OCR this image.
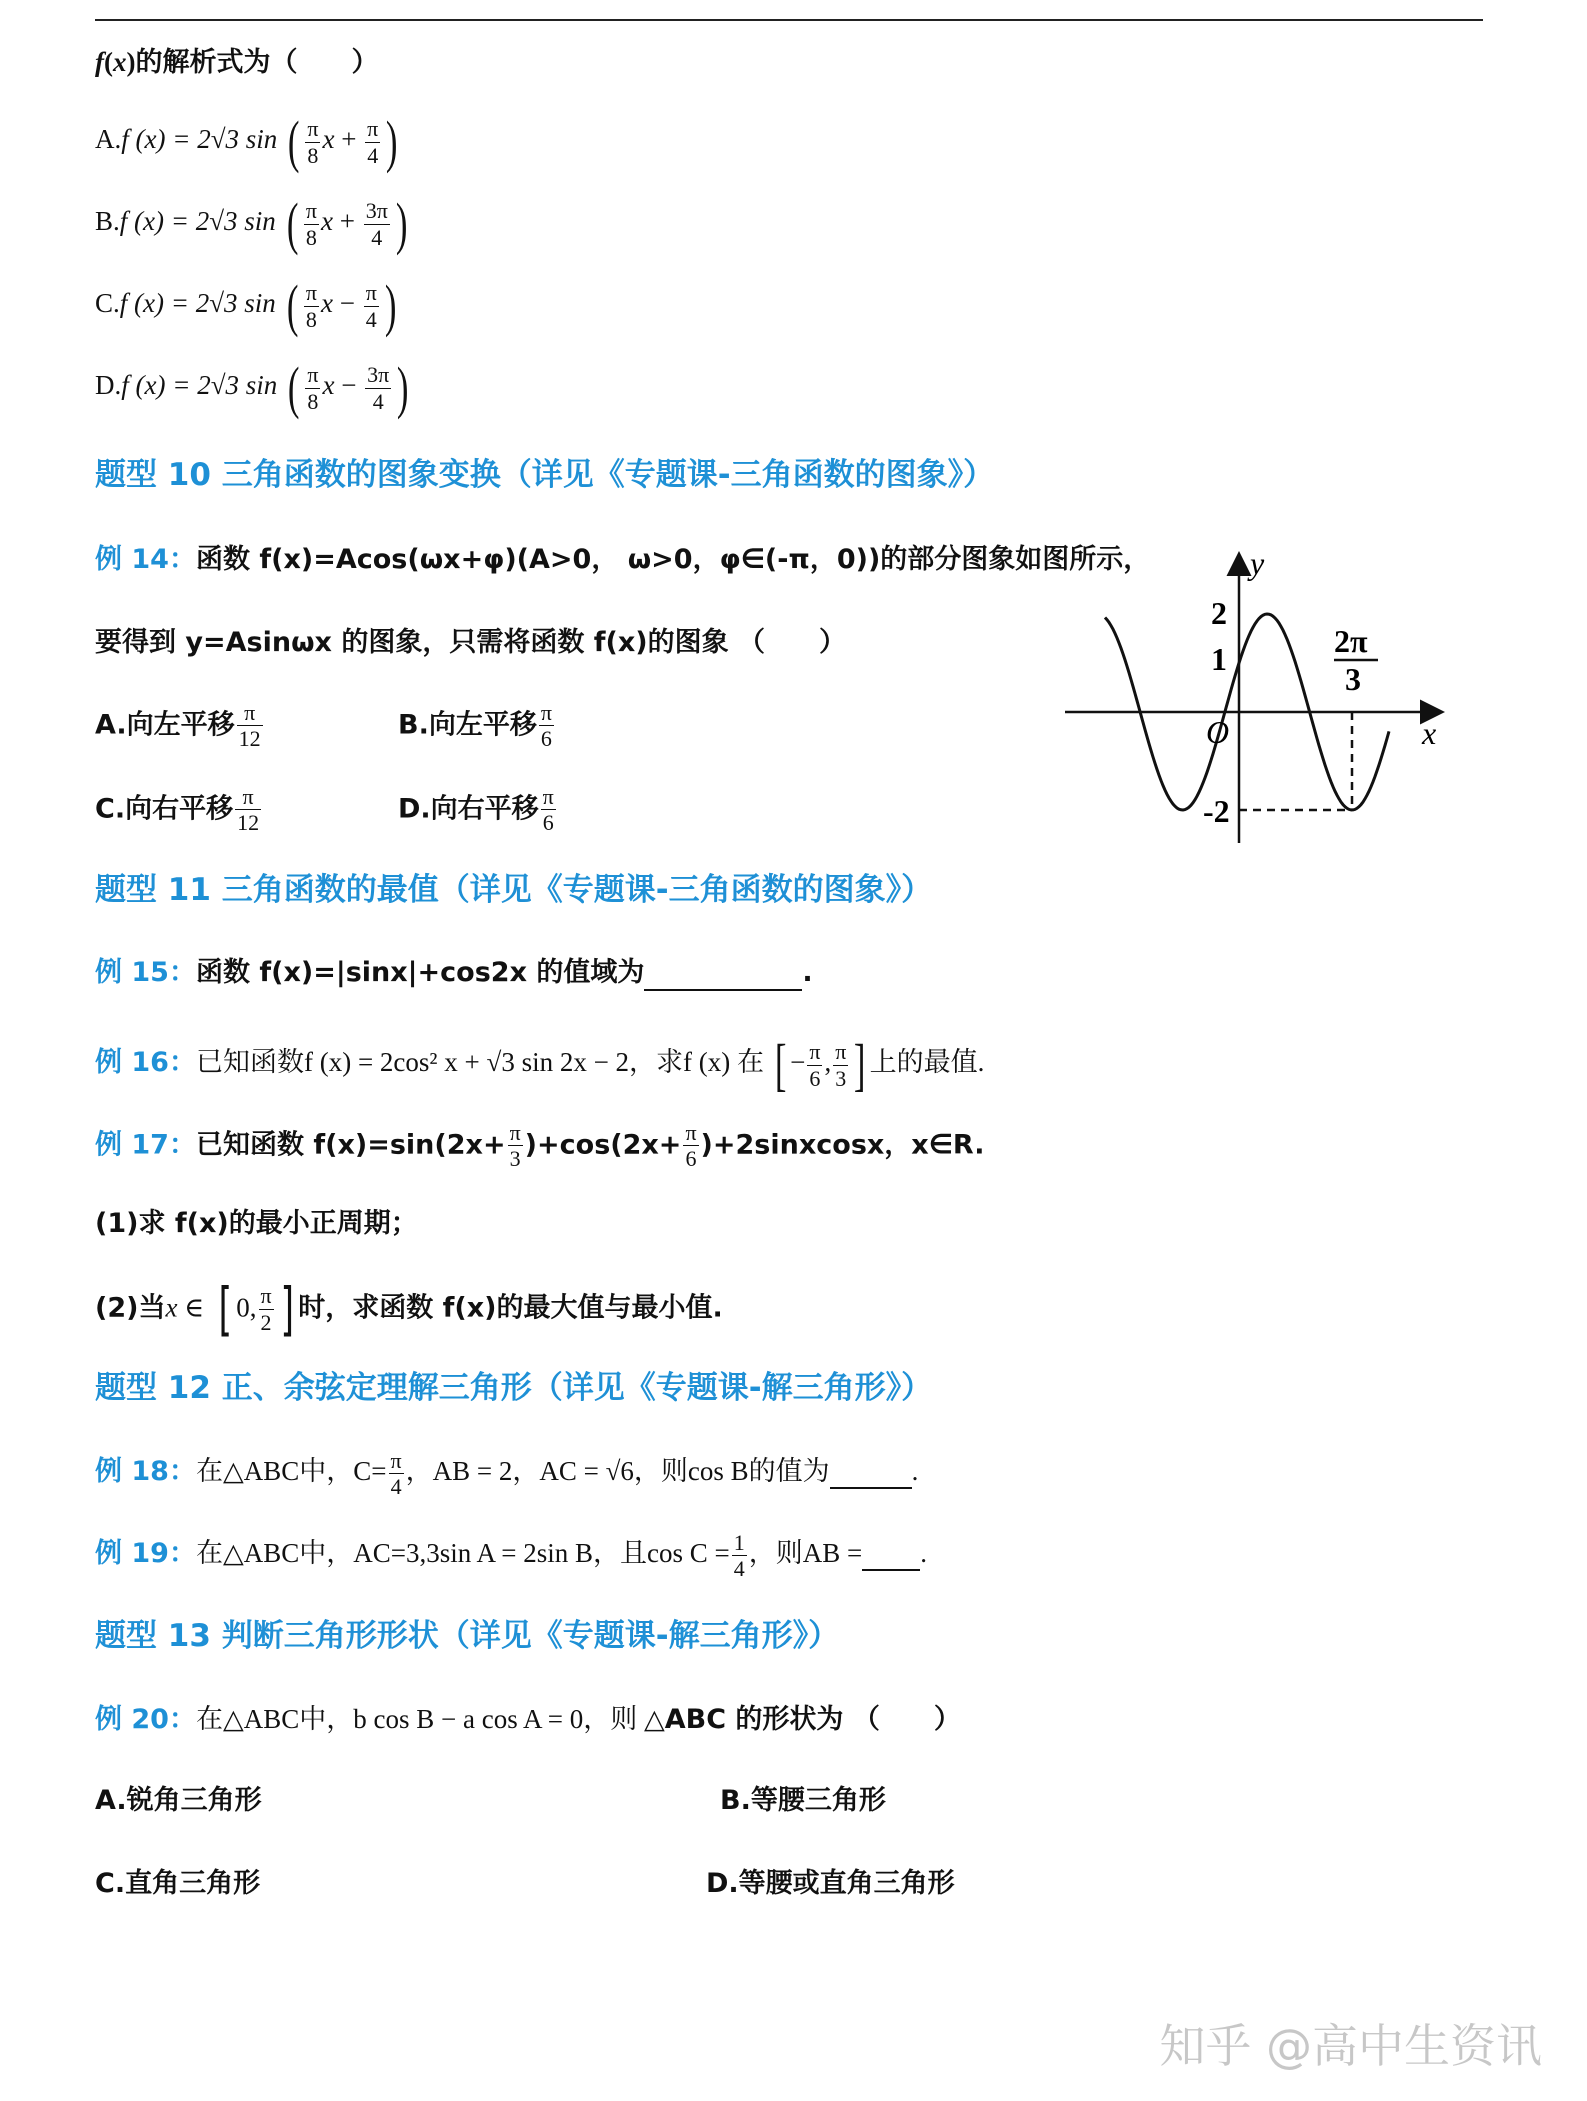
f(x)的解析式为（　　）
A.f (x) = 2√3 sin ( $\frac{\pi}{8}$ $x + \frac{\pi}{4}$ )
B.f (x) = 2√3 sin ( $\frac{\pi}{8}$ $x + \frac{3\pi}{4}$ )
C.f (x) = 2√3 sin ( $\frac{\pi}{8}$ $x - \frac{\pi}{4}$ )
D.f (x) = 2√3 sin ( $\frac{\pi}{8}$ $x - \frac{3\pi}{4}$ )
题型 10 三角函数的图象变换（详见《专题课-三角函数的图象》）
例 14：函数 f(x)=Acos(ωx+φ)(A>0， ω>0，φ∈(-π，0))的部分图象如图所示，
要得到 y=Asinωx 的图象，只需将函数 f(x)的图象 （　　）
A.向左平移 $\frac{\pi}{12}$	B.向左平移 $\frac{\pi}{6}$
C.向右平移 $\frac{\pi}{12}$	D.向右平移 $\frac{\pi}{6}$
y
x
O
2
1
-2
2π
3
题型 11 三角函数的最值（详见《专题课-三角函数的图象》）
例 15：函数 f(x)=|sinx|+cos2x 的值域为	.
例 16：已知函数f (x) = 2cos² x + √3 sin 2x − 2，求f (x) 在 [ − $\frac{\pi}{6}$ , $\frac{\pi}{3}$ ] 上的最值.
例 17：已知函数 $f(x)=\sin(2x+ \frac{\pi}{3} )+\cos(2x+ \frac{\pi}{6}$ )+2sinxcosx，x∈R.
(1)求 f(x)的最小正周期；
(2)当x ∈ [ 0, $\frac{\pi}{2}$ ] 时，求函数 f(x)的最大值与最小值.
题型 12 正、余弦定理解三角形（详见《专题课-解三角形》）
例 18：在△ABC中，$C= \frac{\pi}{4}$ ，AB = 2，AC = √6，则cos B的值为	.
例 19：在△ABC中，AC=3,3sin A = 2sin B，且$\cos C = \frac{1}{4}$ ，则AB = .
题型 13 判断三角形形状（详见《专题课-解三角形》）
例 20：在△ABC中，b cos B − a cos A = 0，则 △ABC 的形状为 （　　）
A.锐角三角形	B.等腰三角形
C.直角三角形	D.等腰或直角三角形
知乎 @高中生资讯
